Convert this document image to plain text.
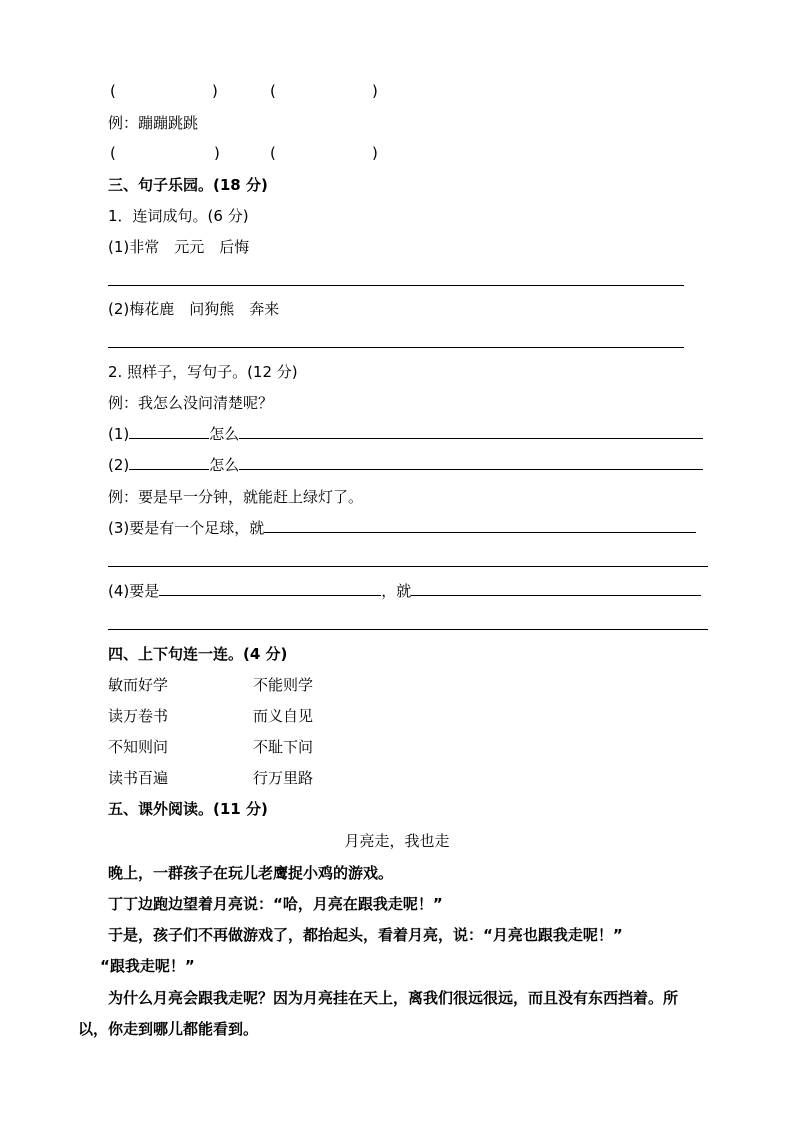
(	)	(	)
例：蹦蹦跳跳
(	)	(	)
三、句子乐园。(18 分)
1．连词成句。(6 分)
(1)非常　元元　后悔
(2)梅花鹿　问狗熊　奔来
2. 照样子，写句子。(12 分)
例：我怎么没问清楚呢？
(1)	怎么
(2)	怎么
例：要是早一分钟，就能赶上绿灯了。
(3)要是有一个足球，就
(4)要是	，就
四、上下句连一连。(4 分)
敏而好学	不能则学
读万卷书	而义自见
不知则问	不耻下问
读书百遍	行万里路
五、课外阅读。(11 分)
月亮走，我也走
晚上，一群孩子在玩儿老鹰捉小鸡的游戏。
丁丁边跑边望着月亮说：“哈，月亮在跟我走呢！”
于是，孩子们不再做游戏了，都抬起头，看着月亮，说：“月亮也跟我走呢！”
“跟我走呢！”
为什么月亮会跟我走呢？因为月亮挂在天上，离我们很远很远，而且没有东西挡着。所
以，你走到哪儿都能看到。
